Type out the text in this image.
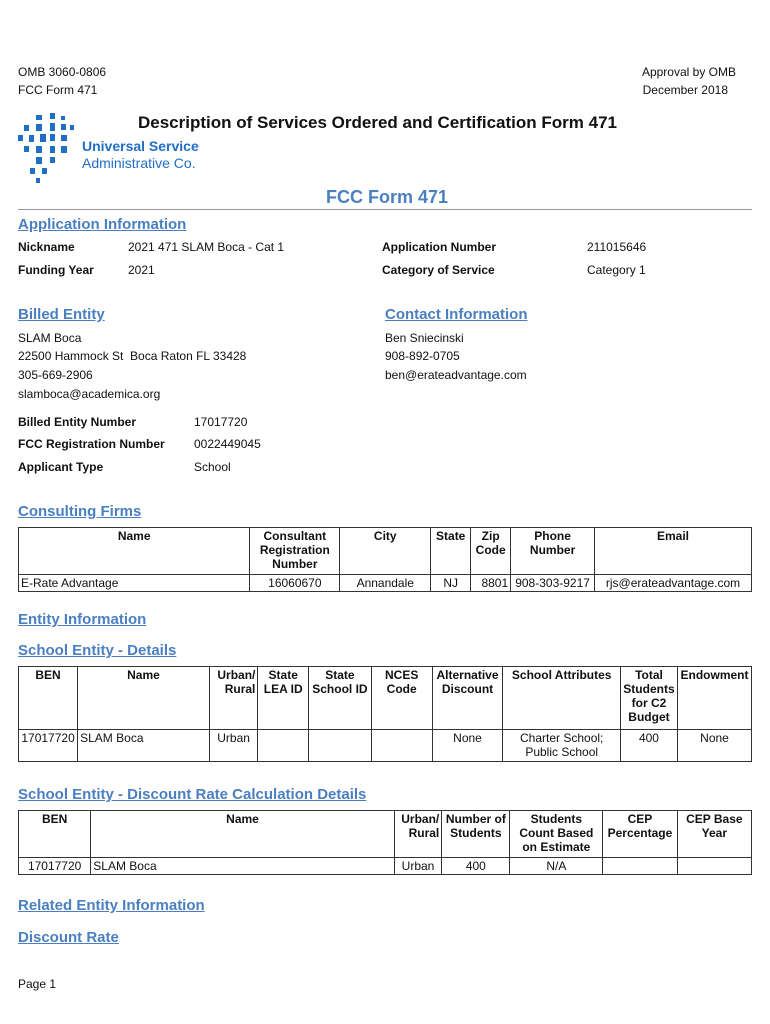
OMB 3060-0806
FCC Form 471
Approval by OMB
December 2018
Description of Services Ordered and Certification Form 471
Universal Service
Administrative Co.
FCC Form 471
Application Information
Nickname	2021 471 SLAM Boca - Cat 1
Funding Year	2021
Application Number	211015646
Category of Service	Category 1
Billed Entity
SLAM Boca
22500 Hammock St  Boca Raton FL 33428
305-669-2906
slamboca@academica.org
Contact Information
Ben Sniecinski
908-892-0705
ben@erateadvantage.com
Billed Entity Number	17017720
FCC Registration Number 0022449045
Applicant Type	School
Consulting Firms
Name	Consultant Registration Number	City	State	Zip Code	Phone Number	Email
E-Rate Advantage	16060670	Annandale	NJ	8801	908-303-9217	rjs@erateadvantage.com
Entity Information
School Entity - Details
BEN	Name	Urban/ Rural	State LEA ID	State School ID	NCES Code	Alternative Discount	School Attributes	Total Students for C2 Budget	Endowment
17017720	SLAM Boca	Urban				None	Charter School; Public School	400	None
School Entity - Discount Rate Calculation Details
BEN	Name	Urban/ Rural	Number of Students	Students Count Based on Estimate	CEP Percentage	CEP Base Year
17017720	SLAM Boca	Urban	400	N/A		
Related Entity Information
Discount Rate
Page 1
